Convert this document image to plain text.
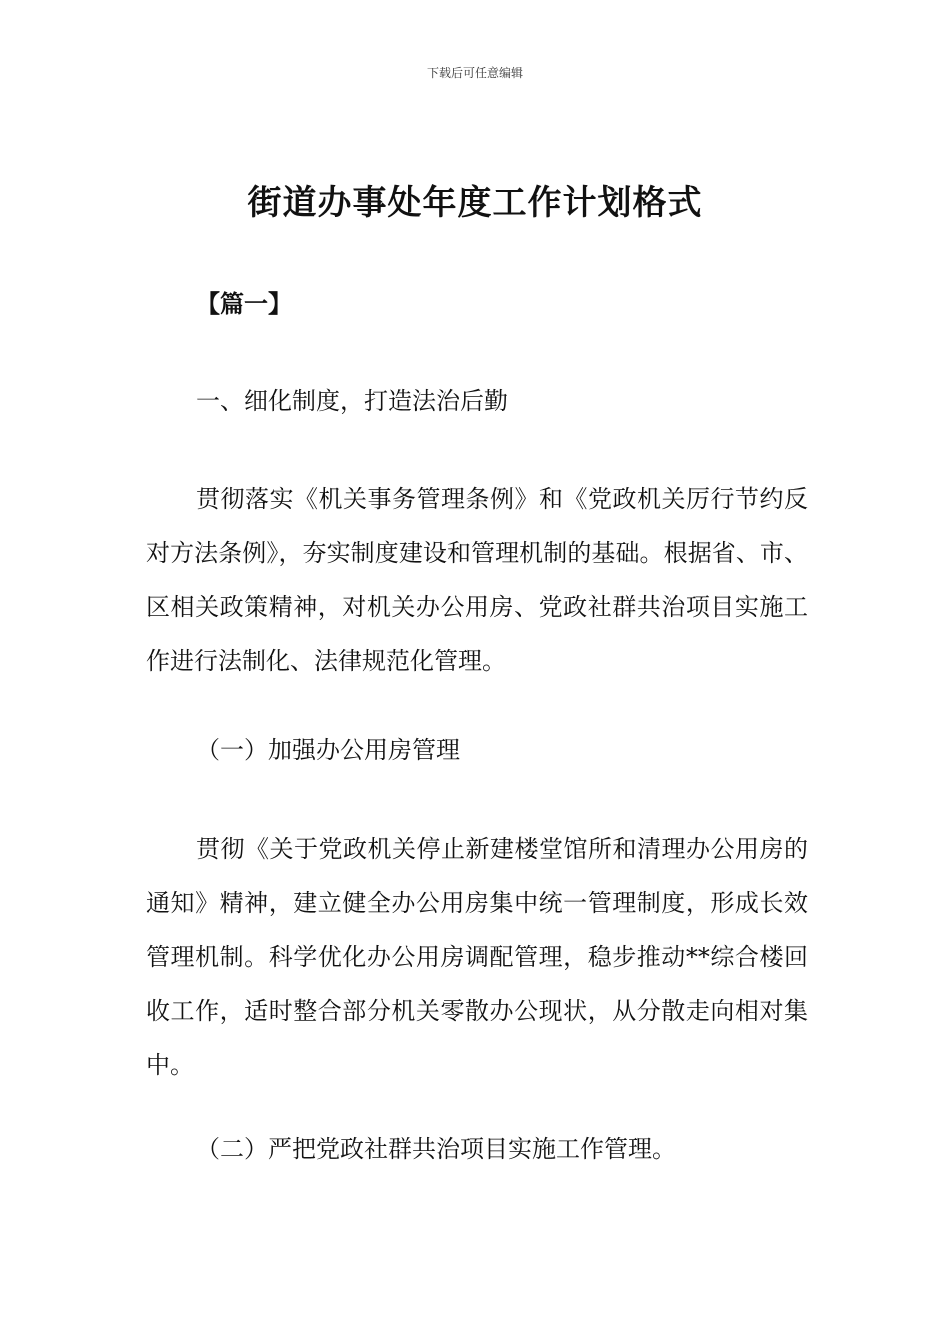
下载后可任意编辑
街道办事处年度工作计划格式
【篇一】
一、细化制度，打造法治后勤

贯彻落实《机关事务管理条例》和《党政机关厉行节约反对方法条例》，夯实制度建设和管理机制的基础。根据省、市、区相关政策精神，对机关办公用房、党政社群共治项目实施工作进行法制化、法律规范化管理。

（一）加强办公用房管理

贯彻《关于党政机关停止新建楼堂馆所和清理办公用房的通知》精神，建立健全办公用房集中统一管理制度，形成长效管理机制。科学优化办公用房调配管理，稳步推动**综合楼回收工作，适时整合部分机关零散办公现状，从分散走向相对集中。

（二）严把党政社群共治项目实施工作管理。
